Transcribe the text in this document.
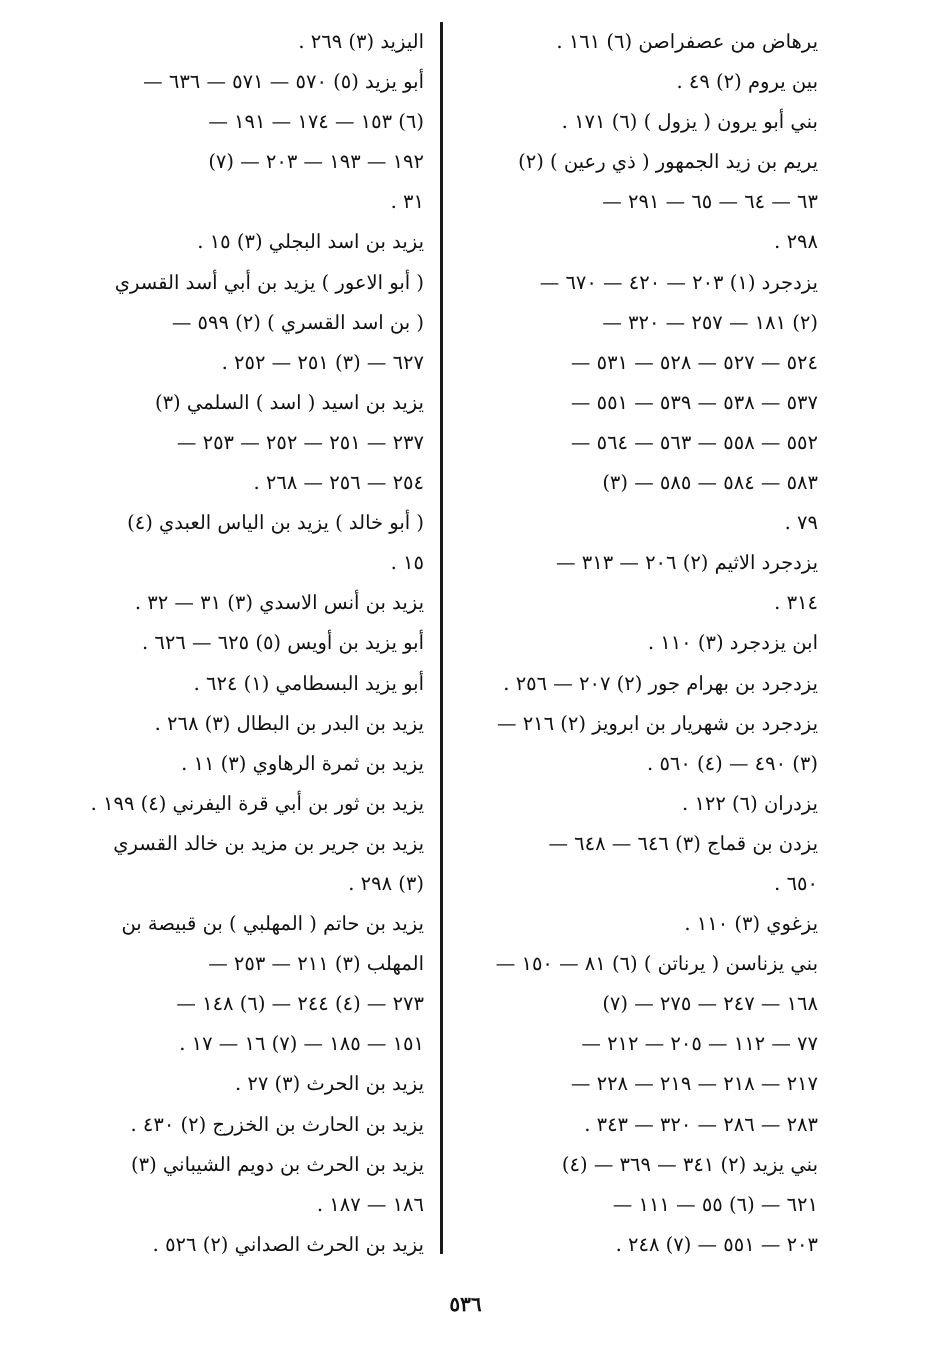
يرهاض من عصفراصن (٦) ١٦١ .
بين يروم (٢) ٤٩ .
بني أبو يرون ( يزول ) (٦) ١٧١ .
يريم بن زيد الجمهور ( ذي رعين ) (٢)
٦٣ — ٦٤ — ٦٥ — ٢٩١ —
٢٩٨ .
يزدجرد (١) ٢٠٣ — ٤٢٠ — ٦٧٠ —
(٢) ١٨١ — ٢٥٧ — ٣٢٠ —
٥٢٤ — ٥٢٧ — ٥٢٨ — ٥٣١ —
٥٣٧ — ٥٣٨ — ٥٣٩ — ٥٥١ —
٥٥٢ — ٥٥٨ — ٥٦٣ — ٥٦٤ —
٥٨٣ — ٥٨٤ — ٥٨٥ — (٣)
٧٩ .
يزدجرد الاثيم (٢) ٢٠٦ — ٣١٣ —
٣١٤ .
ابن يزدجرد (٣) ١١٠ .
يزدجرد بن بهرام جور (٢) ٢٠٧ — ٢٥٦ .
يزدجرد بن شهريار بن ابرويز (٢) ٢١٦ —
(٣) ٤٩٠ — (٤) ٥٦٠ .
يزدران (٦) ١٢٢ .
يزدن بن قماج (٣) ٦٤٦ — ٦٤٨ —
٦٥٠ .
يزغوي (٣) ١١٠ .
بني يزناسن ( يرناتن ) (٦) ٨١ — ١٥٠ —
١٦٨ — ٢٤٧ — ٢٧٥ — (٧)
٧٧ — ١١٢ — ٢٠٥ — ٢١٢ —
٢١٧ — ٢١٨ — ٢١٩ — ٢٢٨ —
٢٨٣ — ٢٨٦ — ٣٢٠ — ٣٤٣ .
بني يزيد (٢) ٣٤١ — ٣٦٩ — (٤)
٦٢١ — (٦) ٥٥ — ١١١ —
٢٠٣ — ٥٥١ — (٧) ٢٤٨ .
اليزيد (٣) ٢٦٩ .
أبو يزيد (٥) ٥٧٠ — ٥٧١ — ٦٣٦ —
(٦) ١٥٣ — ١٧٤ — ١٩١ —
١٩٢ — ١٩٣ — ٢٠٣ — (٧)
٣١ .
يزيد بن اسد البجلي (٣) ١٥ .
( أبو الاعور ) يزيد بن أبي أسد القسري
( بن اسد القسري ) (٢) ٥٩٩ —
٦٢٧ — (٣) ٢٥١ — ٢٥٢ .
يزيد بن اسيد ( اسد ) السلمي (٣)
٢٣٧ — ٢٥١ — ٢٥٢ — ٢٥٣ —
٢٥٤ — ٢٥٦ — ٢٦٨ .
( أبو خالد ) يزيد بن الياس العبدي (٤)
١٥ .
يزيد بن أنس الاسدي (٣) ٣١ — ٣٢ .
أبو يزيد بن أويس (٥) ٦٢٥ — ٦٢٦ .
أبو يزيد البسطامي (١) ٦٢٤ .
يزيد بن البدر بن البطال (٣) ٢٦٨ .
يزيد بن ثمرة الرهاوي (٣) ١١ .
يزيد بن ثور بن أبي قرة اليفرني (٤) ١٩٩ .
يزيد بن جرير بن مزيد بن خالد القسري
(٣) ٢٩٨ .
يزيد بن حاتم ( المهلبي ) بن قبيصة بن
المهلب (٣) ٢١١ — ٢٥٣ —
٢٧٣ — (٤) ٢٤٤ — (٦) ١٤٨ —
١٥١ — ١٨٥ — (٧) ١٦ — ١٧ .
يزيد بن الحرث (٣) ٢٧ .
يزيد بن الحارث بن الخزرج (٢) ٤٣٠ .
يزيد بن الحرث بن دويم الشيباني (٣)
١٨٦ — ١٨٧ .
يزيد بن الحرث الصداني (٢) ٥٢٦ .
٥٣٦
